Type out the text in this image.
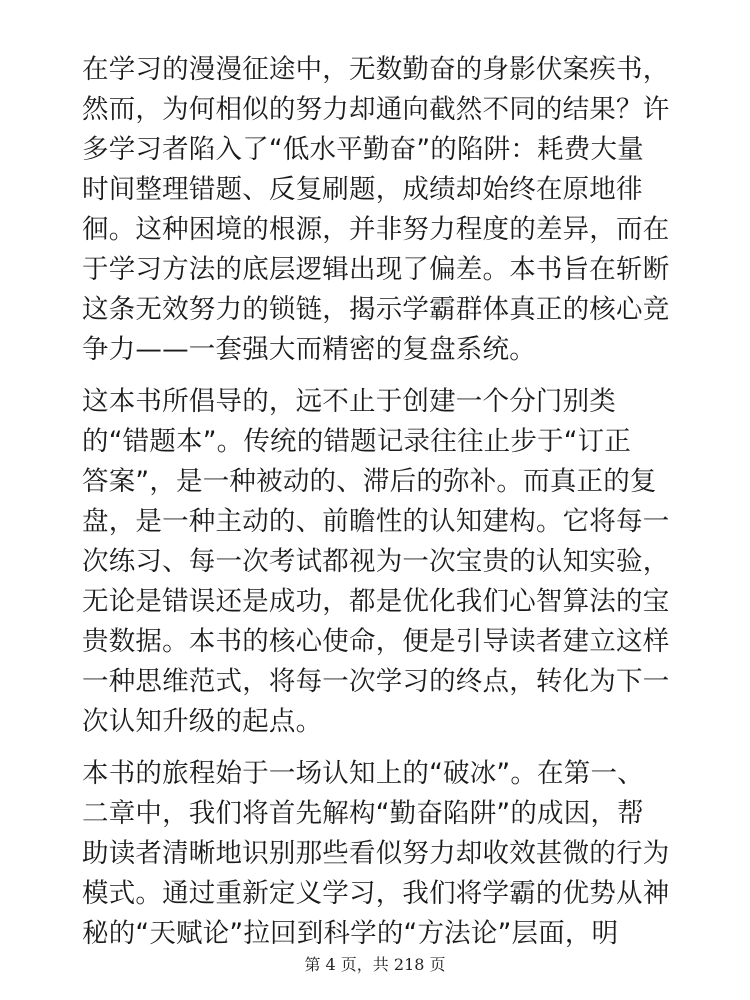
在学习的漫漫征途中，无数勤奋的身影伏案疾书，
然而，为何相似的努力却通向截然不同的结果？许
多学习者陷入了“低水平勤奋”的陷阱：耗费大量
时间整理错题、反复刷题，成绩却始终在原地徘
徊。这种困境的根源，并非努力程度的差异，而在
于学习方法的底层逻辑出现了偏差。本书旨在斩断
这条无效努力的锁链，揭示学霸群体真正的核心竞
争力——一套强大而精密的复盘系统。

这本书所倡导的，远不止于创建一个分门别类
的“错题本”。传统的错题记录往往止步于“订正
答案”，是一种被动的、滞后的弥补。而真正的复
盘，是一种主动的、前瞻性的认知建构。它将每一
次练习、每一次考试都视为一次宝贵的认知实验，
无论是错误还是成功，都是优化我们心智算法的宝
贵数据。本书的核心使命，便是引导读者建立这样
一种思维范式，将每一次学习的终点，转化为下一
次认知升级的起点。

本书的旅程始于一场认知上的“破冰”。在第一、
二章中，我们将首先解构“勤奋陷阱”的成因，帮
助读者清晰地识别那些看似努力却收效甚微的行为
模式。通过重新定义学习，我们将学霸的优势从神
秘的“天赋论”拉回到科学的“方法论”层面，明

第 4 页，共 218 页
